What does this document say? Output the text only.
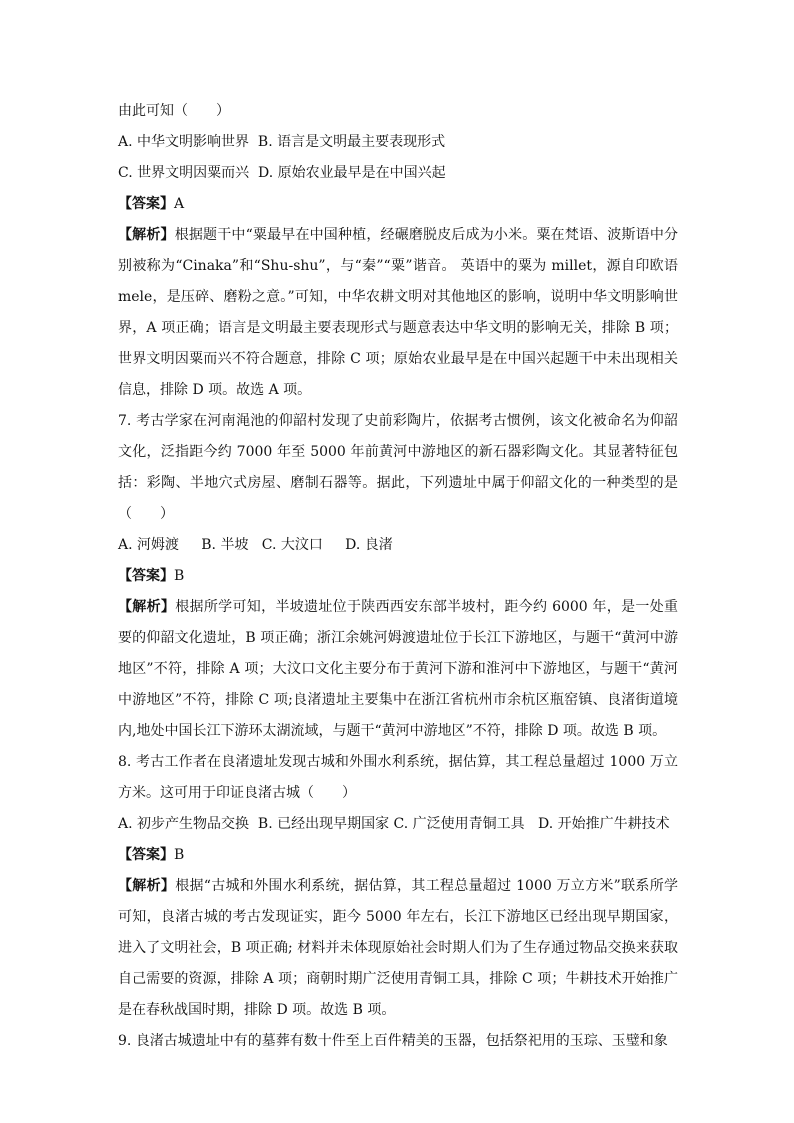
由此可知（　　）
A. 中华文明影响世界  B. 语言是文明最主要表现形式
C. 世界文明因粟而兴  D. 原始农业最早是在中国兴起
【答案】A

【解析】根据题干中“粟最早在中国种植，经碾磨脱皮后成为小米。粟在梵语、波斯语中分别被称为“Cinaka”和“Shu-shu”，与“秦”“粟”谐音。 英语中的粟为 millet，源自印欧语 mele，是压碎、磨粉之意。”可知，中华农耕文明对其他地区的影响，说明中华文明影响世界，A 项正确；语言是文明最主要表现形式与题意表达中华文明的影响无关，排除 B 项；世界文明因粟而兴不符合题意，排除 C 项；原始农业最早是在中国兴起题干中未出现相关信息，排除 D 项。故选 A 项。

7. 考古学家在河南渑池的仰韶村发现了史前彩陶片，依据考古惯例，该文化被命名为仰韶文化，泛指距今约 7000 年至 5000 年前黄河中游地区的新石器彩陶文化。其显著特征包括：彩陶、半地穴式房屋、磨制石器等。据此，下列遗址中属于仰韶文化的一种类型的是（　　）

A. 河姆渡     B. 半坡   C. 大汶口     D. 良渚
【答案】B

【解析】根据所学可知，半坡遗址位于陕西西安东部半坡村，距今约 6000 年，是一处重要的仰韶文化遗址，B 项正确；浙江余姚河姆渡遗址位于长江下游地区，与题干“黄河中游地区”不符，排除 A 项；大汶口文化主要分布于黄河下游和淮河中下游地区，与题干“黄河中游地区”不符，排除 C 项;良渚遗址主要集中在浙江省杭州市余杭区瓶窑镇、良渚街道境内,地处中国长江下游环太湖流域，与题干“黄河中游地区”不符，排除 D 项。故选 B 项。

8. 考古工作者在良渚遗址发现古城和外围水利系统，据估算，其工程总量超过 1000 万立方米。这可用于印证良渚古城（　　）

A. 初步产生物品交换  B. 已经出现早期国家 C. 广泛使用青铜工具   D. 开始推广牛耕技术
【答案】B

【解析】根据“古城和外围水利系统，据估算，其工程总量超过 1000 万立方米”联系所学可知，良渚古城的考古发现证实，距今 5000 年左右，长江下游地区已经出现早期国家，进入了文明社会，B 项正确; 材料并未体现原始社会时期人们为了生存通过物品交换来获取自己需要的资源，排除 A 项；商朝时期广泛使用青铜工具，排除 C 项；牛耕技术开始推广是在春秋战国时期，排除 D 项。故选 B 项。

9. 良渚古城遗址中有的墓葬有数十件至上百件精美的玉器，包括祭祀用的玉琮、玉璧和象
